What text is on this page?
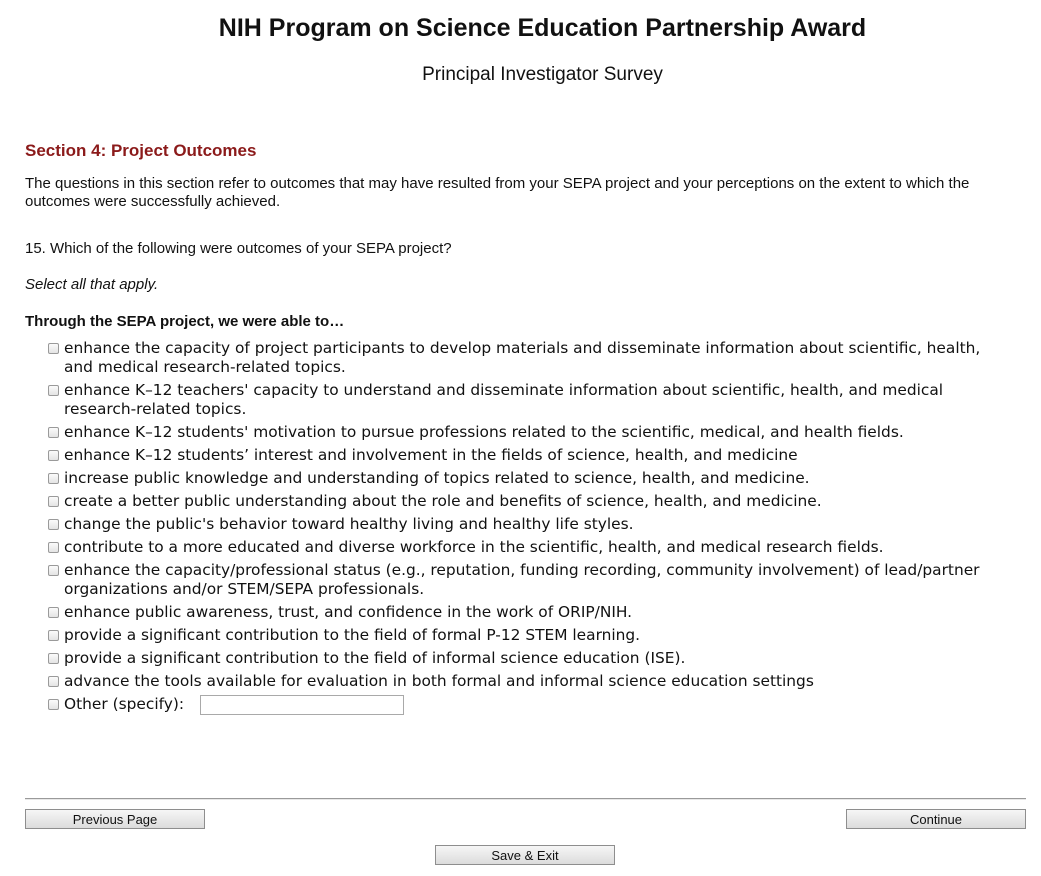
NIH Program on Science Education Partnership Award
Principal Investigator Survey
Section 4: Project Outcomes
The questions in this section refer to outcomes that may have resulted from your SEPA project and your perceptions on the extent to which the outcomes were successfully achieved.
15. Which of the following were outcomes of your SEPA project?
Select all that apply.
Through the SEPA project, we were able to…
enhance the capacity of project participants to develop materials and disseminate information about scientific, health, and medical research-related topics.
enhance K–12 teachers' capacity to understand and disseminate information about scientific, health, and medical research-related topics.
enhance K–12 students' motivation to pursue professions related to the scientific, medical, and health fields.
enhance K–12 students’ interest and involvement in the fields of science, health, and medicine
increase public knowledge and understanding of topics related to science, health, and medicine.
create a better public understanding about the role and benefits of science, health, and medicine.
change the public's behavior toward healthy living and healthy life styles.
contribute to a more educated and diverse workforce in the scientific, health, and medical research fields.
enhance the capacity/professional status (e.g., reputation, funding recording, community involvement) of lead/partner organizations and/or STEM/SEPA professionals.
enhance public awareness, trust, and confidence in the work of ORIP/NIH.
provide a significant contribution to the field of formal P-12 STEM learning.
provide a significant contribution to the field of informal science education (ISE).
advance the tools available for evaluation in both formal and informal science education settings
Other (specify):
Previous Page	Continue
Save & Exit
